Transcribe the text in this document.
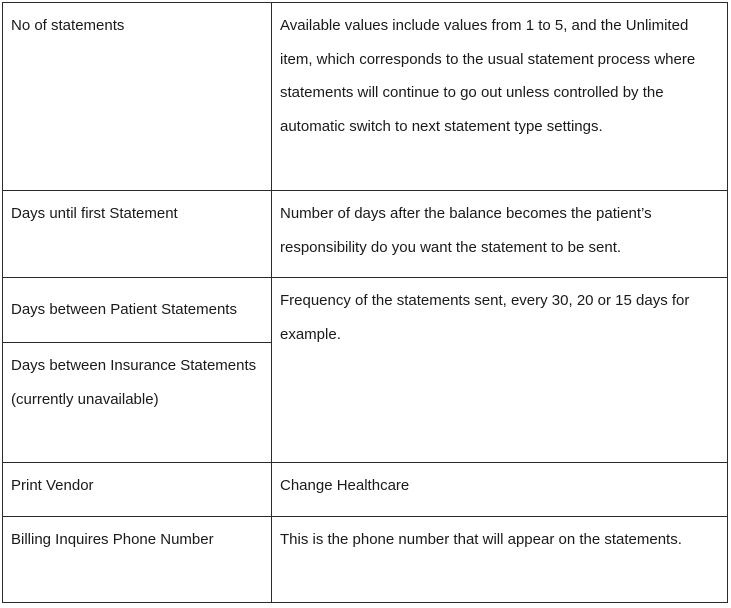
No of statements	Available values include values from 1 to 5, and the Unlimited item, which corresponds to the usual statement process where statements will continue to go out unless controlled by the automatic switch to next statement type settings.
Days until first Statement	Number of days after the balance becomes the patient’s responsibility do you want the statement to be sent.
Days between Patient Statements	Frequency of the statements sent, every 30, 20 or 15 days for example.
Days between Insurance Statements (currently unavailable)	
Print Vendor	Change Healthcare
Billing Inquires Phone Number	This is the phone number that will appear on the statements.
